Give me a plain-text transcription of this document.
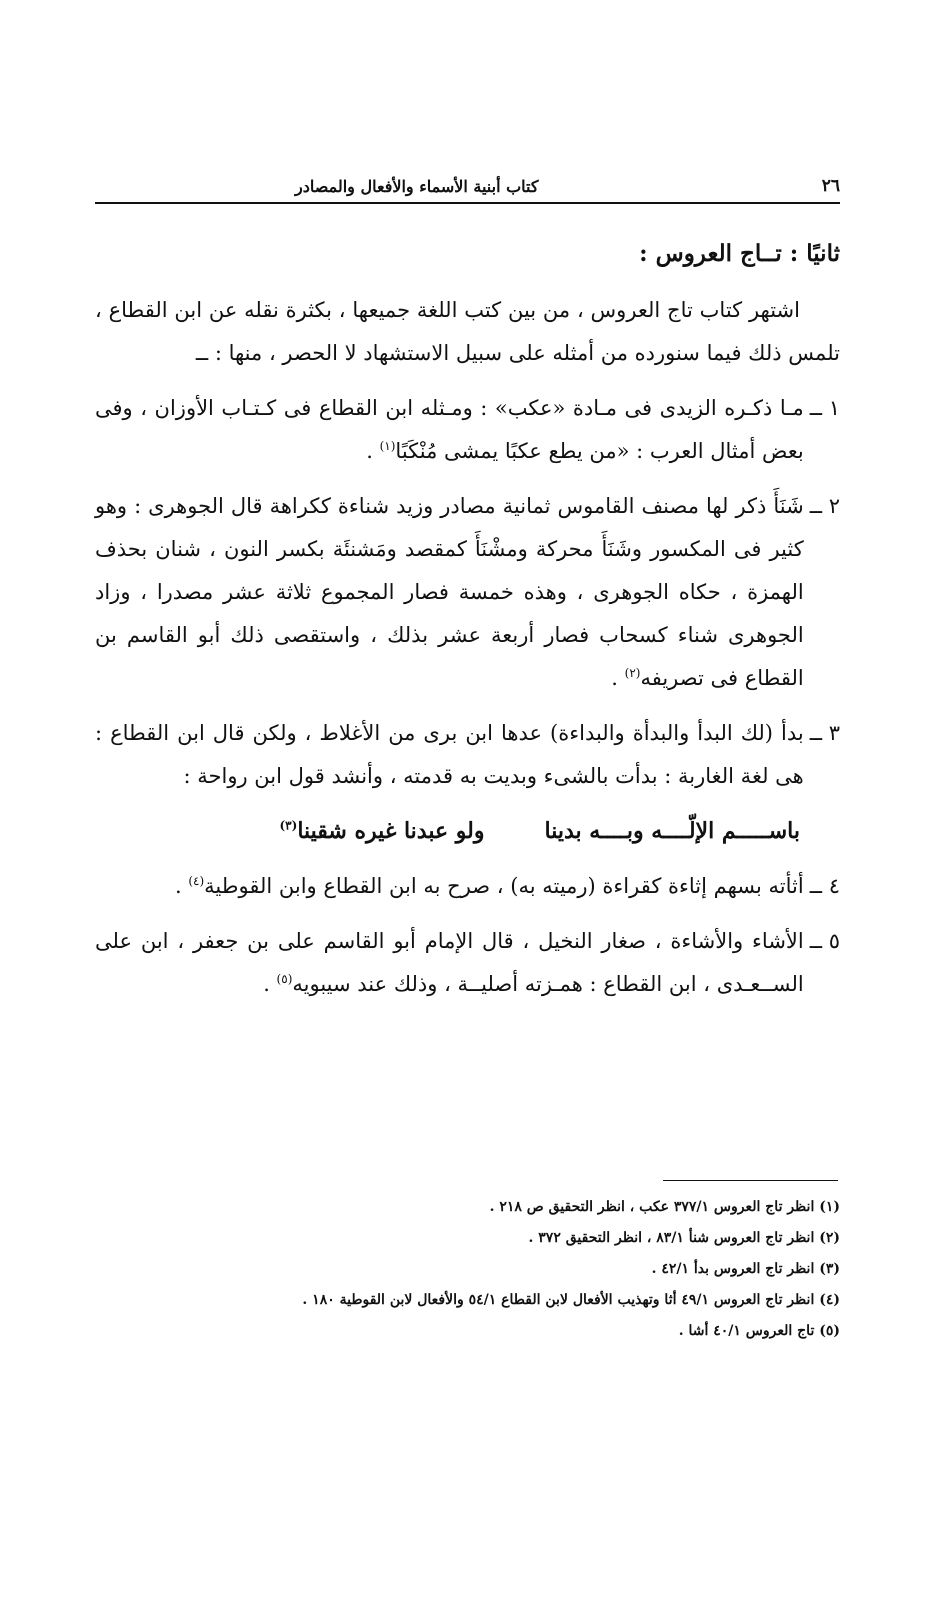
٢٦
كتاب أبنية الأسماء والأفعال والمصادر

ثانيًا : تــاج العروس :

اشتهر كتاب تاج العروس ، من بين كتب اللغة جميعها ، بكثرة نقله عن ابن القطاع ، تلمس ذلك فيما سنورده من أمثله على سبيل الاستشهاد لا الحصر ، منها : ــ

١ ــ
مـا ذكـره الزيدى فى مـادة «عكب» : ومـثله ابن القطاع فى كـتـاب الأوزان ، وفى بعض أمثال العرب : «من يطع عكبًا يمشى مُنْكَبًا$^{(١)}$ .
٢ ــ
شَنَأَ ذكر لها مصنف القاموس ثمانية مصادر وزيد شناءة ككراهة قال الجوهرى : وهو كثير فى المكسور وشَنَأَ محركة ومشْنَأَ كمقصد ومَشنئَة بكسر النون ، شنان بحذف الهمزة ، حكاه الجوهرى ، وهذه خمسة فصار المجموع ثلاثة عشر مصدرا ، وزاد الجوهرى شناء كسحاب فصار أربعة عشر بذلك ، واستقصى ذلك أبو القاسم بن القطاع فى تصريفه$^{(٢)}$ .
٣ ــ
بدأ (لك البدأ والبدأة والبداءة) عدها ابن برى من الأغلاط ، ولكن قال ابن القطاع : هى لغة الغاربة : بدأت بالشىء وبديت به قدمته ، وأنشد قول ابن رواحة :
باســـــم الإلّــــه وبــــه بدينا
ولو عبدنا غيره شقينا$^{(٣)}$
٤ ــ
أثأته بسهم إثاءة كقراءة (رميته به) ، صرح به ابن القطاع وابن القوطية$^{(٤)}$ .
٥ ــ
الأشاء والأشاءة ، صغار النخيل ، قال الإمام أبو القاسم على بن جعفر ، ابن على الســعـدى ، ابن القطاع : همـزته أصليــة ، وذلك عند سيبويه$^{(٥)}$ .

(١) انظر تاج العروس ٣٧٧/١ عكب ، انظر التحقيق ص ٢١٨ .

(٢) انظر تاج العروس شنأ ٨٣/١ ، انظر التحقيق ٣٧٢ .

(٣) انظر تاج العروس بدأ ٤٢/١ .

(٤) انظر تاج العروس ٤٩/١ أثا وتهذيب الأفعال لابن القطاع ٥٤/١ والأفعال لابن القوطية ١٨٠ .

(٥) تاج العروس ٤٠/١ أشا .
